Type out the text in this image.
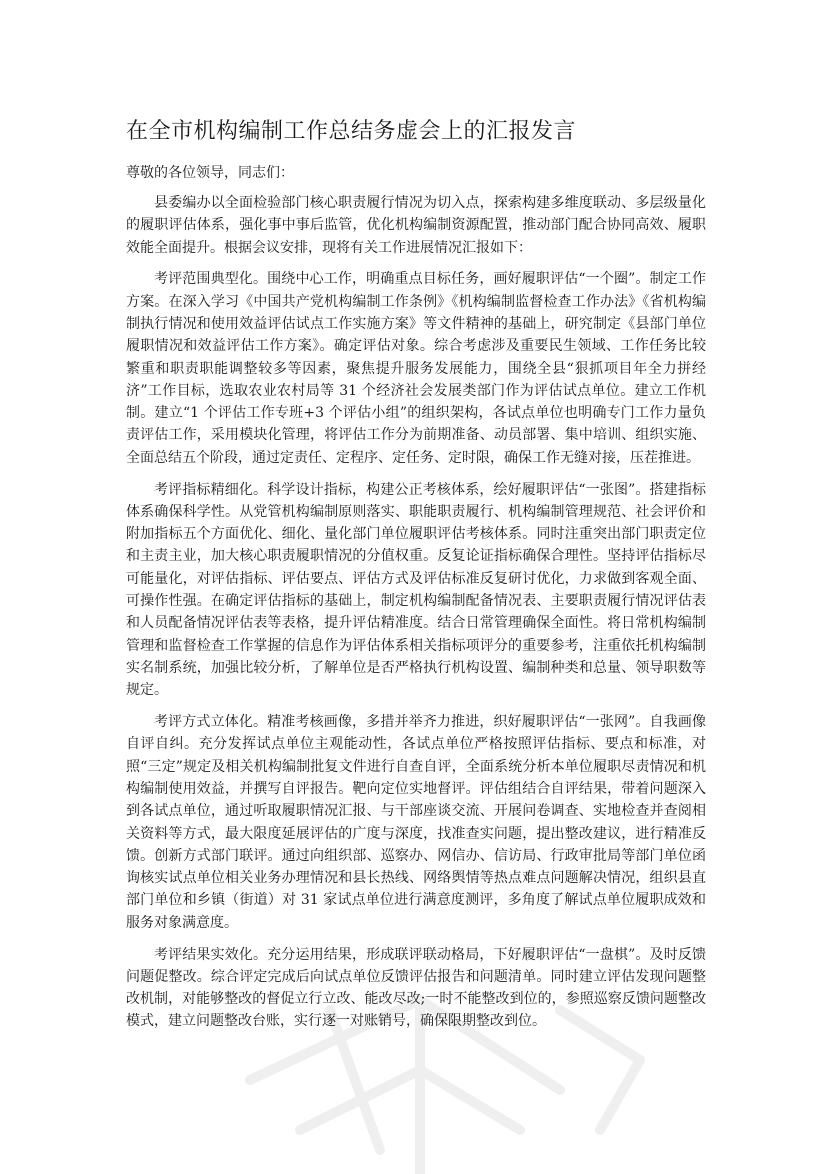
在全市机构编制工作总结务虚会上的汇报发言

尊敬的各位领导，同志们：

县委编办以全面检验部门核心职责履行情况为切入点，探索构建多维度联动、多层级量化的履职评估体系，强化事中事后监管，优化机构编制资源配置，推动部门配合协同高效、履职效能全面提升。根据会议安排，现将有关工作进展情况汇报如下：

考评范围典型化。围绕中心工作，明确重点目标任务，画好履职评估“一个圈”。制定工作方案。在深入学习《中国共产党机构编制工作条例》《机构编制监督检查工作办法》《省机构编制执行情况和使用效益评估试点工作实施方案》等文件精神的基础上，研究制定《县部门单位履职情况和效益评估工作方案》。确定评估对象。综合考虑涉及重要民生领域、工作任务比较繁重和职责职能调整较多等因素，聚焦提升服务发展能力，围绕全县“狠抓项目年全力拼经济”工作目标，选取农业农村局等 31 个经济社会发展类部门作为评估试点单位。建立工作机制。建立“1 个评估工作专班+3 个评估小组”的组织架构，各试点单位也明确专门工作力量负责评估工作，采用模块化管理，将评估工作分为前期准备、动员部署、集中培训、组织实施、全面总结五个阶段，通过定责任、定程序、定任务、定时限，确保工作无缝对接，压茬推进。

考评指标精细化。科学设计指标，构建公正考核体系，绘好履职评估“一张图”。搭建指标体系确保科学性。从党管机构编制原则落实、职能职责履行、机构编制管理规范、社会评价和附加指标五个方面优化、细化、量化部门单位履职评估考核体系。同时注重突出部门职责定位和主责主业，加大核心职责履职情况的分值权重。反复论证指标确保合理性。坚持评估指标尽可能量化，对评估指标、评估要点、评估方式及评估标准反复研讨优化，力求做到客观全面、可操作性强。在确定评估指标的基础上，制定机构编制配备情况表、主要职责履行情况评估表和人员配备情况评估表等表格，提升评估精准度。结合日常管理确保全面性。将日常机构编制管理和监督检查工作掌握的信息作为评估体系相关指标项评分的重要参考，注重依托机构编制实名制系统，加强比较分析，了解单位是否严格执行机构设置、编制种类和总量、领导职数等规定。

考评方式立体化。精准考核画像，多措并举齐力推进，织好履职评估“一张网”。自我画像自评自纠。充分发挥试点单位主观能动性，各试点单位严格按照评估指标、要点和标准，对照“三定”规定及相关机构编制批复文件进行自查自评，全面系统分析本单位履职尽责情况和机构编制使用效益，并撰写自评报告。靶向定位实地督评。评估组结合自评结果，带着问题深入到各试点单位，通过听取履职情况汇报、与干部座谈交流、开展问卷调查、实地检查并查阅相关资料等方式，最大限度延展评估的广度与深度，找准查实问题，提出整改建议，进行精准反馈。创新方式部门联评。通过向组织部、巡察办、网信办、信访局、行政审批局等部门单位函询核实试点单位相关业务办理情况和县长热线、网络舆情等热点难点问题解决情况，组织县直部门单位和乡镇（街道）对 31 家试点单位进行满意度测评，多角度了解试点单位履职成效和服务对象满意度。

考评结果实效化。充分运用结果，形成联评联动格局，下好履职评估“一盘棋”。及时反馈问题促整改。综合评定完成后向试点单位反馈评估报告和问题清单。同时建立评估发现问题整改机制，对能够整改的督促立行立改、能改尽改;一时不能整改到位的，参照巡察反馈问题整改模式，建立问题整改台账，实行逐一对账销号，确保限期整改到位。
